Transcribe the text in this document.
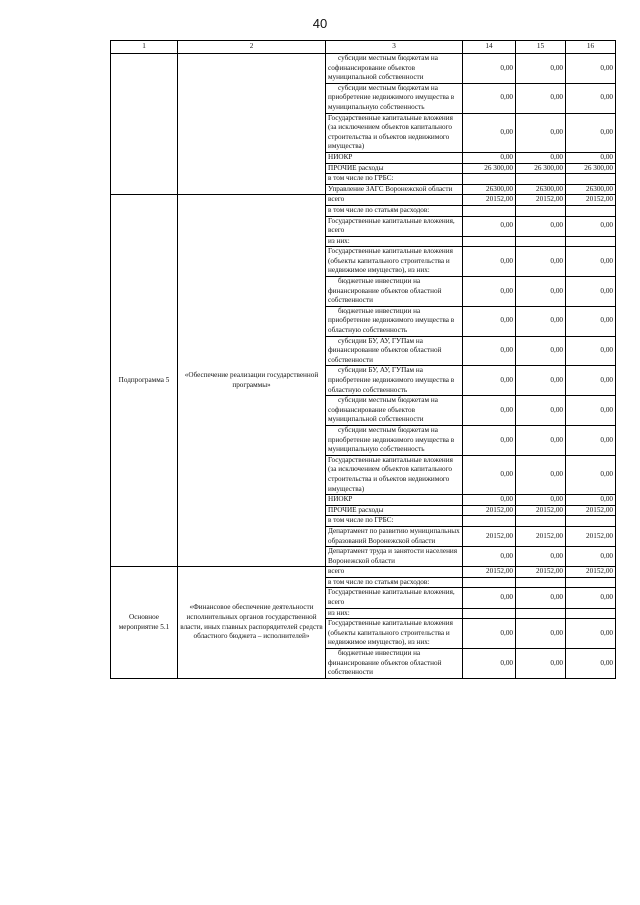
40
1	2	3	14	15	16
		субсидии местным бюджетам на софинансирование объектов муниципальной собственности	0,00	0,00	0,00
		субсидии местным бюджетам на приобретение недвижимого имущества в муниципальную собственность	0,00	0,00	0,00
		Государственные капитальные вложения (за исключением объектов капитального строительства и объектов недвижимого имущества)	0,00	0,00	0,00
		НИОКР	0,00	0,00	0,00
		ПРОЧИЕ расходы	26 300,00	26 300,00	26 300,00
		в том числе по ГРБС:			
		Управление ЗАГС Воронежской области	26300,00	26300,00	26300,00
Подпрограмма 5	«Обеспечение реализации государственной программы»	всего	20152,00	20152,00	20152,00
		в том числе по статьям расходов:			
		Государственные капитальные вложения, всего	0,00	0,00	0,00
		из них:			
		Государственные капитальные вложения (объекты капитального строительства и недвижимое имущество), из них:	0,00	0,00	0,00
		бюджетные инвестиции на финансирование объектов областной собственности	0,00	0,00	0,00
		бюджетные инвестиции на приобретение недвижимого имущества в областную собственность	0,00	0,00	0,00
		субсидии БУ, АУ, ГУПам на финансирование объектов областной собственности	0,00	0,00	0,00
		субсидии БУ, АУ, ГУПам на приобретение недвижимого имущества в областную собственность	0,00	0,00	0,00
		субсидии местным бюджетам на софинансирование объектов муниципальной собственности	0,00	0,00	0,00
		субсидии местным бюджетам на приобретение недвижимого имущества в муниципальную собственность	0,00	0,00	0,00
		Государственные капитальные вложения (за исключением объектов капитального строительства и объектов недвижимого имущества)	0,00	0,00	0,00
		НИОКР	0,00	0,00	0,00
		ПРОЧИЕ расходы	20152,00	20152,00	20152,00
		в том числе по ГРБС:			
		Департамент по развитию муниципальных образований Воронежской области	20152,00	20152,00	20152,00
		Департамент труда и занятости населения Воронежской области	0,00	0,00	0,00
Основное мероприятие 5.1	«Финансовое обеспечение деятельности исполнительных органов государственной власти, иных главных распорядителей средств областного бюджета – исполнителей»	всего	20152,00	20152,00	20152,00
		в том числе по статьям расходов:			
		Государственные капитальные вложения, всего	0,00	0,00	0,00
		из них:			
		Государственные капитальные вложения (объекты капитального строительства и недвижимое имущество), из них:	0,00	0,00	0,00
		бюджетные инвестиции на финансирование объектов областной собственности	0,00	0,00	0,00
